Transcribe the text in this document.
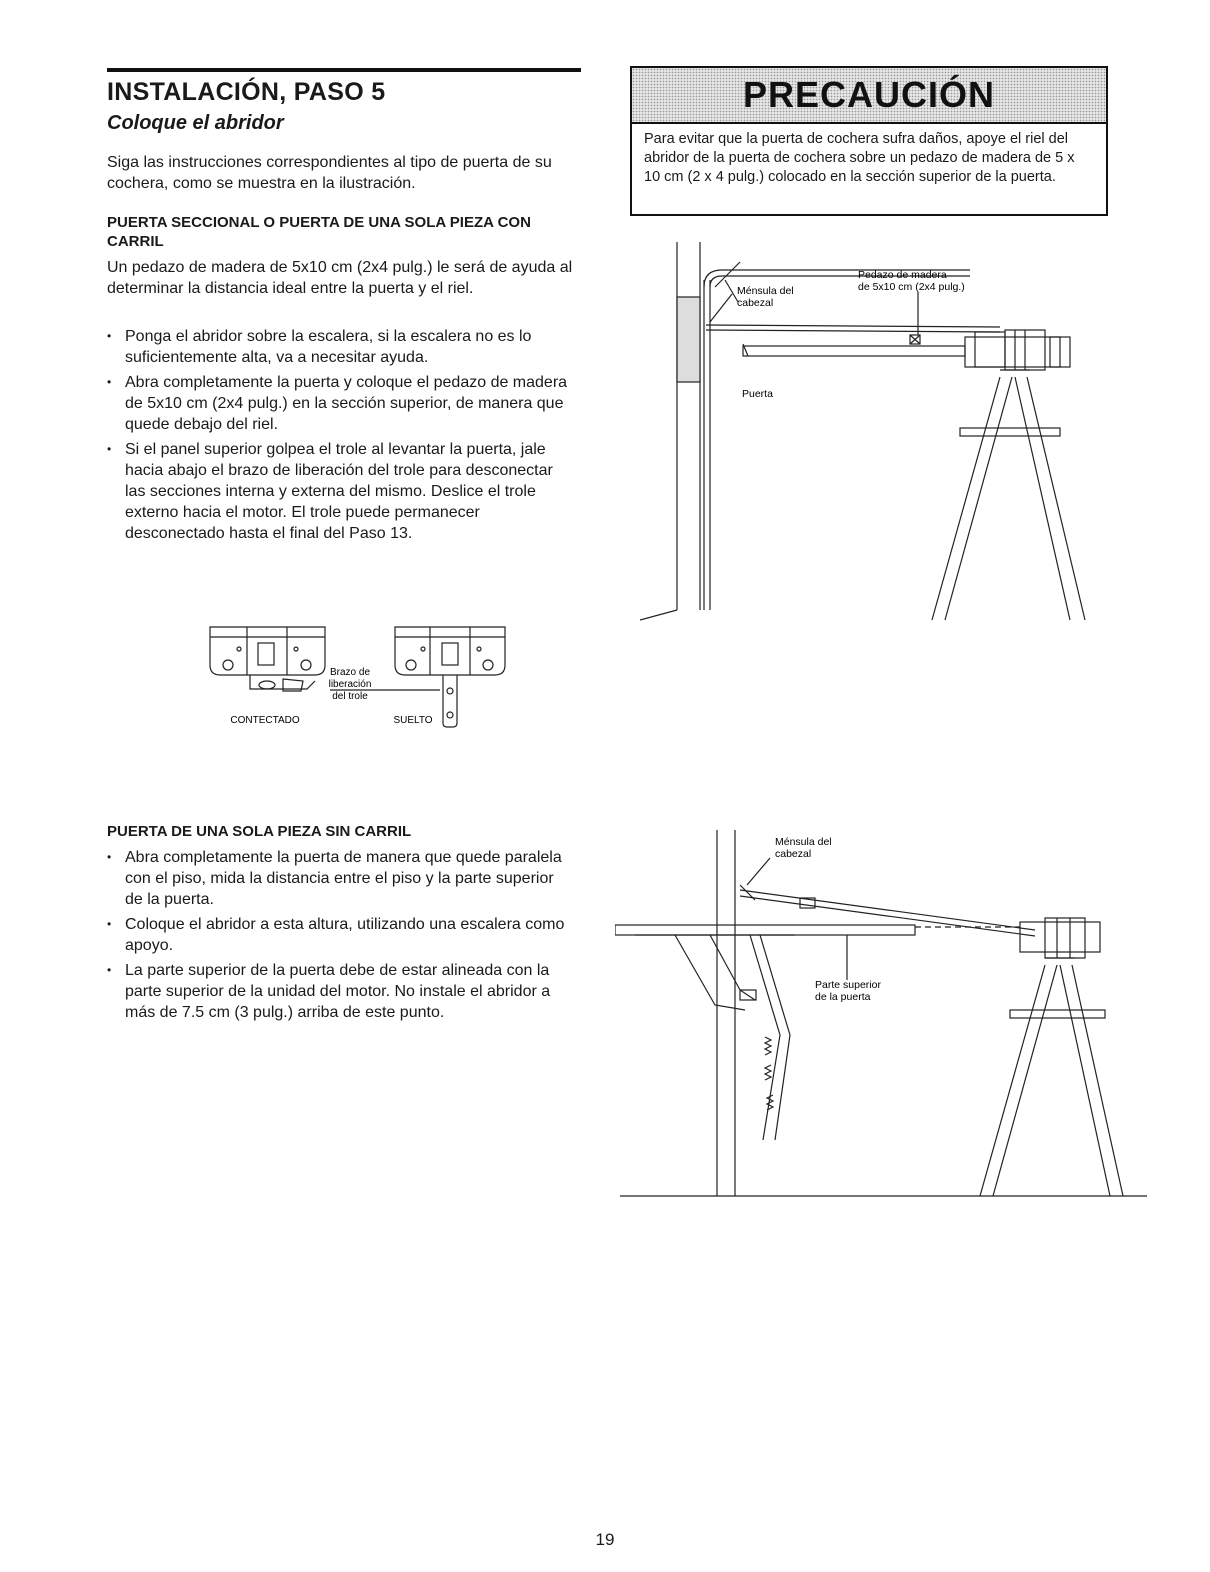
INSTALACIÓN, PASO 5
Coloque el abridor

Siga las instrucciones correspondientes al tipo de puerta de su cochera, como se muestra en la ilustración.

PUERTA SECCIONAL O PUERTA DE UNA SOLA PIEZA CON CARRIL

Un pedazo de madera de 5x10 cm (2x4 pulg.) le será de ayuda al determinar la distancia ideal entre la puerta y el riel.

• Ponga el abridor sobre la escalera, si la escalera no es lo suficientemente alta, va a necesitar ayuda.
• Abra completamente la puerta y coloque el pedazo de madera de 5x10 cm (2x4 pulg.) en la sección superior, de manera que quede debajo del riel.
• Si el panel superior golpea el trole al levantar la puerta, jale hacia abajo el brazo de liberación del trole para desconectar las secciones interna y externa del mismo. Deslice el trole externo hacia el motor. El trole puede permanecer desconectado hasta el final del Paso 13.
Brazo de
liberación
del trole
CONTECTADO	SUELTO
PRECAUCIÓN
Para evitar que la puerta de cochera sufra daños, apoye el riel del abridor de la puerta de cochera sobre un pedazo de madera de 5 x 10 cm (2 x 4 pulg.) colocado en la sección superior de la puerta.
Ménsula del
cabezal
Pedazo de madera
de 5x10 cm (2x4 pulg.)
Puerta
PUERTA DE UNA SOLA PIEZA SIN CARRIL
• Abra completamente la puerta de manera que quede paralela con el piso, mida la distancia entre el piso y la parte superior de la puerta.
• Coloque el abridor a esta altura, utilizando una escalera como apoyo.
• La parte superior de la puerta debe de estar alineada con la parte superior de la unidad del motor. No instale el abridor a más de 7.5 cm (3 pulg.) arriba de este punto.
Ménsula del
cabezal
Parte superior
de la puerta
19
